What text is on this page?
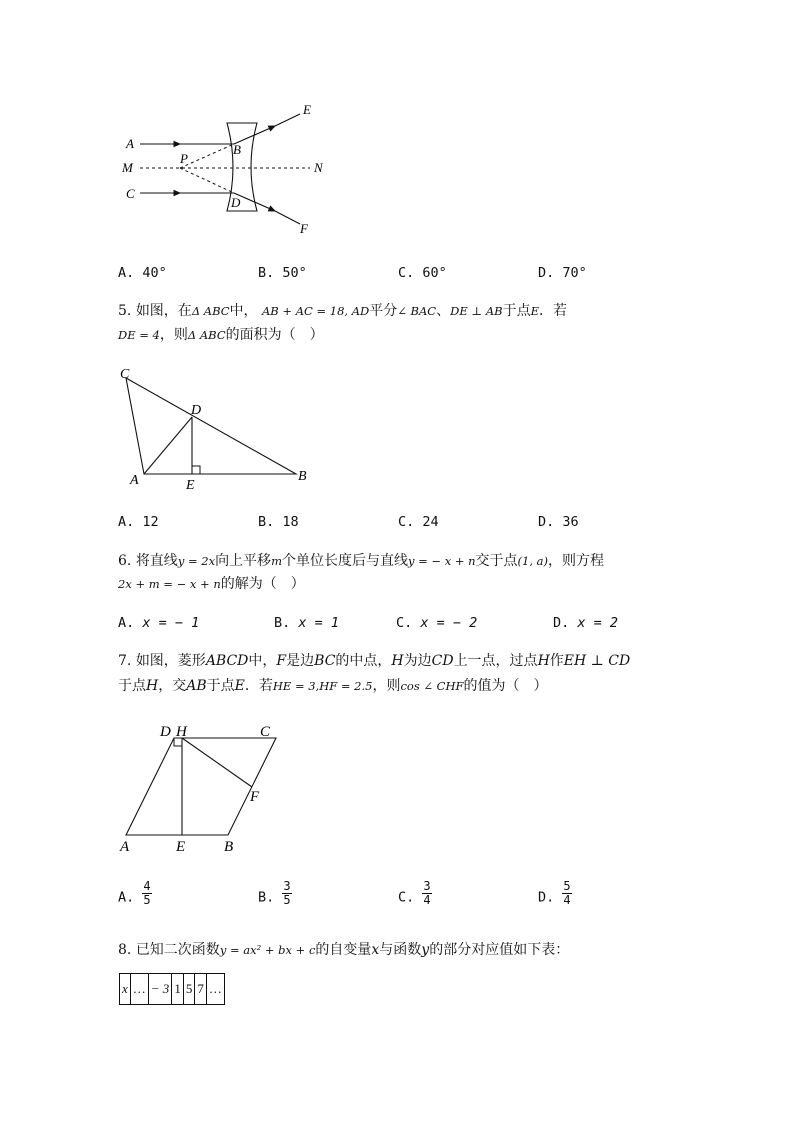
A
M
C
P
B
D
E
F
N
A. 40°	B. 50°	C. 60°	D. 70°
5. 如图，在Δ ABC中， AB + AC = 18, AD平分∠ BAC、DE ⊥ AB于点E．若
DE = 4，则Δ ABC的面积为（　）
C
D
A	E
B
A. 12	B. 18	C. 24	D. 36
6. 将直线y = 2x向上平移m个单位长度后与直线y = − x + n交于点(1, a)，则方程
2x + m = − x + n的解为（　）
A. x = − 1	B. x = 1	C. x = − 2	D. x = 2
7. 如图，菱形ABCD中，F是边BC的中点，H为边CD上一点，过点H作EH ⊥ CD
于点H，交AB于点E．若HE = 3,HF = 2.5，则cos ∠ CHF的值为（　）
D H	C
F
A	E	B
A. $\frac{4}{5}$	B. $\frac{3}{5}$	C. $\frac{3}{4}$	D. $\frac{5}{4}$
8. 已知二次函数y = ax² + bx + c的自变量x与函数y的部分对应值如下表：
x	…	− 3	1	5	7	…
